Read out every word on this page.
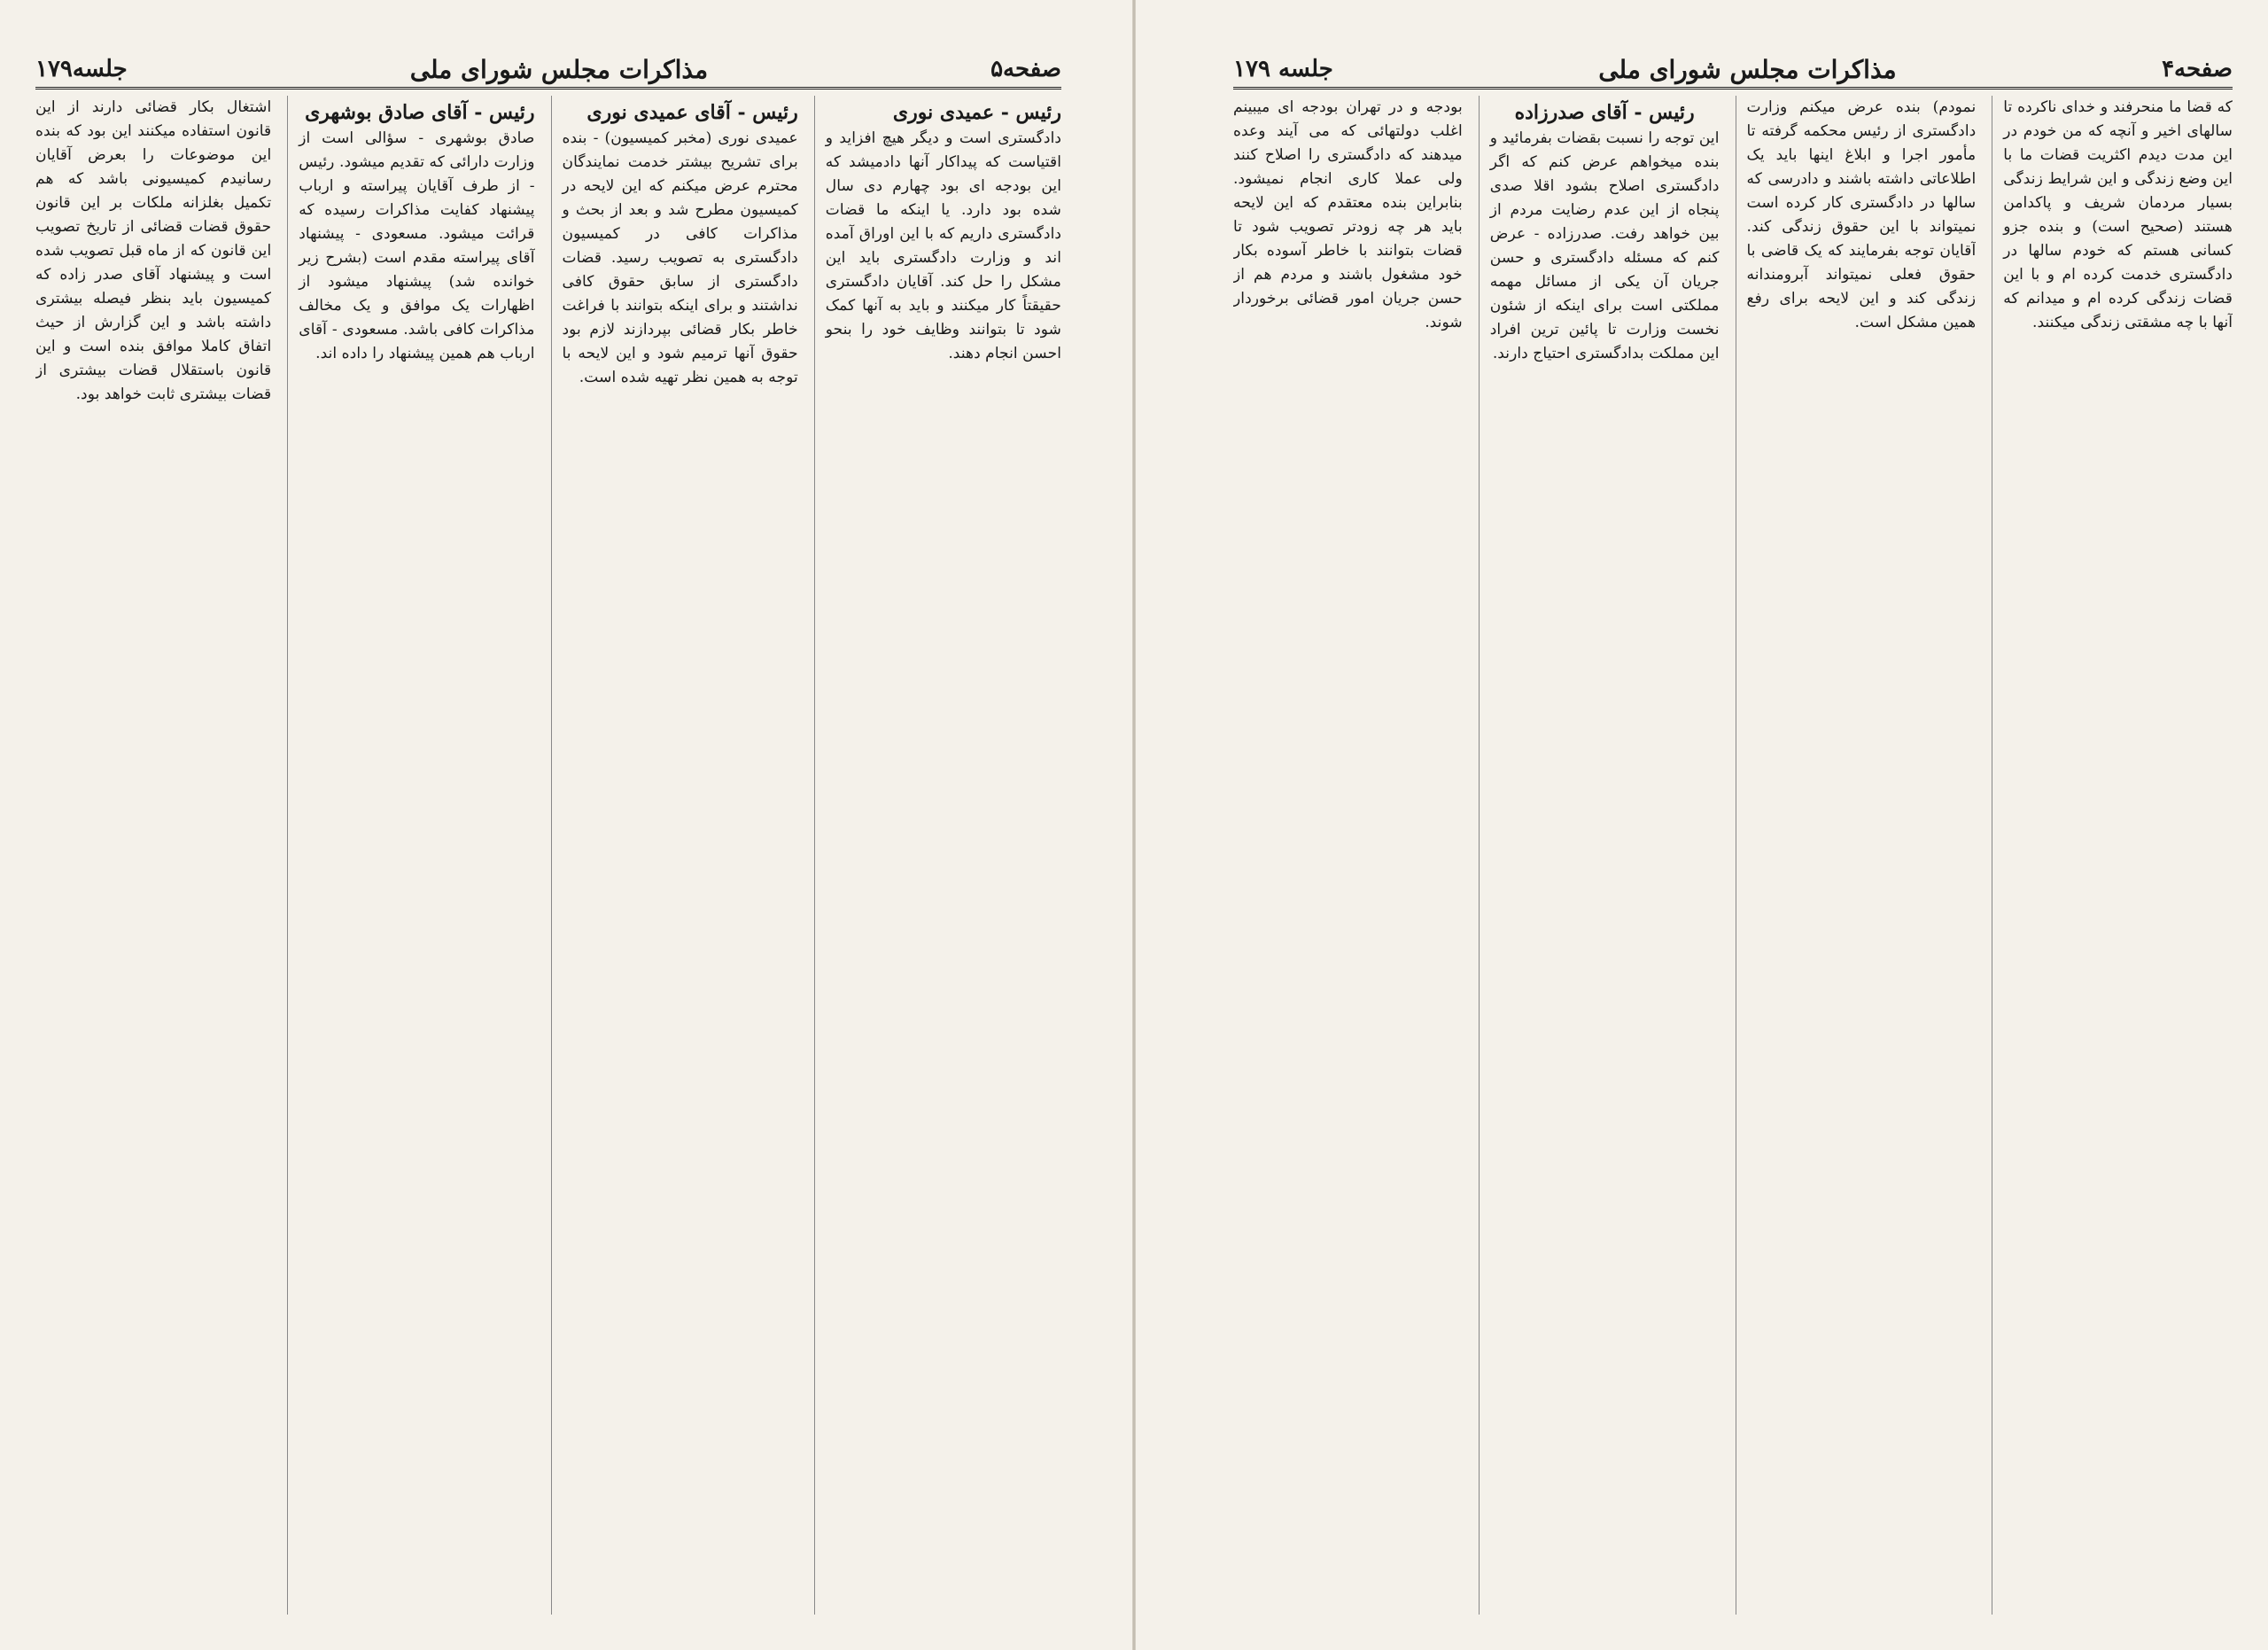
صفحه۵
مذاکرات مجلس شورای ملی
جلسه۱۷۹
رئیس - عمیدی نوری

دادگستری است و دیگر هیچ افزاید و اقتیاست که پیداکار آنها دادمیشد که این بودجه ای بود چهارم دی سال شده بود دارد. یا اینکه ما قضات دادگستری داریم که با این اوراق آمده اند و وزارت دادگستری باید این مشکل را حل کند. آقایان دادگستری حقیقتاً کار میکنند و باید به آنها کمک شود تا بتوانند وظایف خود را بنحو احسن انجام دهند.

رئیس - آقای عمیدی نوری

عمیدی نوری (مخبر کمیسیون) - بنده برای تشریح بیشتر خدمت نمایندگان محترم عرض میکنم که این لایحه در کمیسیون مطرح شد و بعد از بحث و مذاکرات کافی در کمیسیون دادگستری به تصویب رسید. قضات دادگستری از سابق حقوق کافی نداشتند و برای اینکه بتوانند با فراغت خاطر بکار قضائی بپردازند لازم بود حقوق آنها ترمیم شود و این لایحه با توجه به همین نظر تهیه شده است.

رئیس - آقای صادق بوشهری

صادق بوشهری - سؤالی است از وزارت دارائی که تقدیم میشود. رئیس - از طرف آقایان پیراسته و ارباب پیشنهاد کفایت مذاکرات رسیده که قرائت میشود. مسعودی - پیشنهاد آقای پیراسته مقدم است (بشرح زیر خوانده شد) پیشنهاد میشود از اظهارات یک موافق و یک مخالف مذاکرات کافی باشد. مسعودی - آقای ارباب هم همین پیشنهاد را داده اند.

اشتغال بکار قضائی دارند از این قانون استفاده میکنند این بود که بنده این موضوعات را بعرض آقایان رسانیدم کمیسیونی باشد که هم تکمیل بغلزانه ملکات بر این قانون حقوق قضات قضائی از تاریخ تصویب این قانون که از ماه قبل تصویب شده است و پیشنهاد آقای صدر زاده که کمیسیون باید بنظر فیصله بیشتری داشته باشد و این گزارش از حیث اتفاق کاملا موافق بنده است و این قانون باستقلال قضات بیشتری از قضات بیشتری ثابت خواهد بود.

صفحه۴
مذاکرات مجلس شورای ملی
جلسه ۱۷۹

که قضا ما منحرفند و خدای ناکرده تا سالهای اخیر و آنچه که من خودم در این مدت دیدم اکثریت قضات ما با این وضع زندگی و این شرایط زندگی بسیار مردمان شریف و پاکدامن هستند (صحیح است) و بنده جزو کسانی هستم که خودم سالها در دادگستری خدمت کرده ام و با این قضات زندگی کرده ام و میدانم که آنها با چه مشقتی زندگی میکنند.

نمودم) بنده عرض میکنم وزارت دادگستری از رئیس محکمه گرفته تا مأمور اجرا و ابلاغ اینها باید یک اطلاعاتی داشته باشند و دادرسی که سالها در دادگستری کار کرده است نمیتواند با این حقوق زندگی کند. آقایان توجه بفرمایند که یک قاضی با حقوق فعلی نمیتواند آبرومندانه زندگی کند و این لایحه برای رفع همین مشکل است.

رئیس - آقای صدرزاده

این توجه را نسبت بقضات بفرمائید و بنده میخواهم عرض کنم که اگر دادگستری اصلاح بشود اقلا صدی پنجاه از این عدم رضایت مردم از بین خواهد رفت. صدرزاده - عرض کنم که مسئله دادگستری و حسن جریان آن یکی از مسائل مهمه مملکتی است برای اینکه از شئون نخست وزارت تا پائین ترین افراد این مملکت بدادگستری احتیاج دارند.

بودجه و در تهران بودجه ای میبینم اغلب دولتهائی که می آیند وعده میدهند که دادگستری را اصلاح کنند ولی عملا کاری انجام نمیشود. بنابراین بنده معتقدم که این لایحه باید هر چه زودتر تصویب شود تا قضات بتوانند با خاطر آسوده بکار خود مشغول باشند و مردم هم از حسن جریان امور قضائی برخوردار شوند.
